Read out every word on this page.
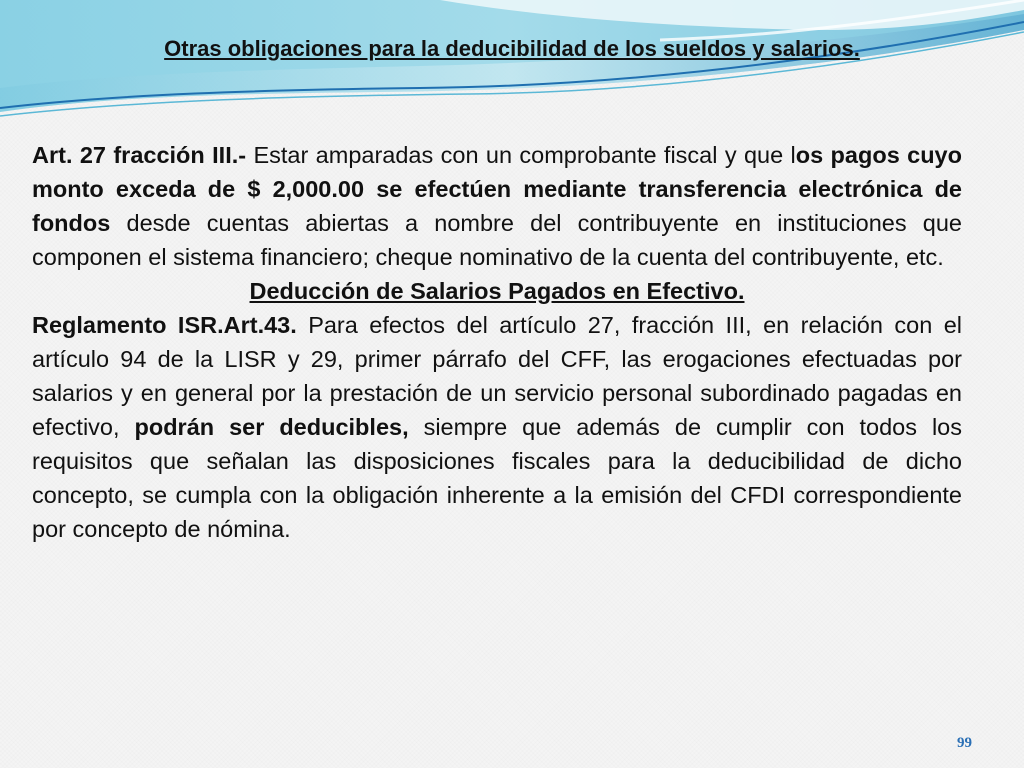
Otras obligaciones para la deducibilidad de los sueldos y salarios.

Art. 27 fracción III.- Estar amparadas con un comprobante fiscal y que los pagos cuyo monto exceda de $ 2,000.00 se efectúen mediante transferencia electrónica de fondos desde cuentas abiertas a nombre del contribuyente en instituciones que componen el sistema financiero; cheque nominativo de la cuenta del contribuyente, etc.

Deducción de Salarios Pagados en Efectivo.

Reglamento ISR.Art.43. Para efectos del artículo 27, fracción III, en relación con el artículo 94 de la LISR y 29, primer párrafo del CFF, las erogaciones efectuadas por salarios y en general por la prestación de un servicio personal subordinado pagadas en efectivo, podrán ser deducibles, siempre que además de cumplir con todos los requisitos que señalan las disposiciones fiscales para la deducibilidad de dicho concepto, se cumpla con la obligación inherente a la emisión del CFDI correspondiente por concepto de nómina.

99
